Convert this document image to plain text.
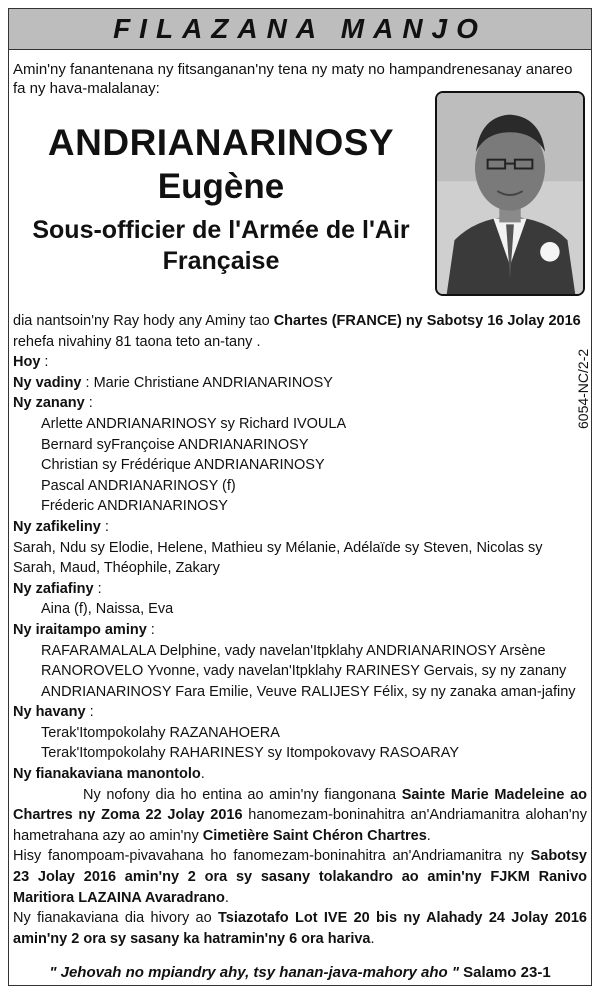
FILAZANA MANJO
Amin'ny fanantenana ny fitsanganan'ny tena ny maty no hampandrenesanay anareo fa ny hava-malalanay:
ANDRIANARINOSY
Eugène
Sous-officier de l'Armée de l'Air Française

dia nantsoin'ny Ray hody any Aminy tao Chartes (FRANCE) ny Sabotsy 16 Jolay 2016

rehefa nivahiny 81 taona teto an-tany .

Hoy :

Ny vadiny : Marie Christiane ANDRIANARINOSY

Ny zanany :

Arlette ANDRIANARINOSY sy Richard IVOULA

Bernard syFrançoise ANDRIANARINOSY

Christian sy Frédérique ANDRIANARINOSY

Pascal ANDRIANARINOSY (f)

Fréderic ANDRIANARINOSY

Ny zafikeliny :

Sarah, Ndu sy Elodie, Helene, Mathieu sy Mélanie, Adélaïde sy Steven, Nicolas sy Sarah, Maud, Théophile, Zakary

Ny zafiafiny :

Aina (f), Naissa, Eva

Ny iraitampo aminy :

RAFARAMALALA Delphine, vady navelan'Itpklahy ANDRIANARINOSY Arsène

RANOROVELO Yvonne, vady navelan'Itpklahy RARINESY Gervais, sy ny zanany

ANDRIANARINOSY Fara Emilie, Veuve RALIJESY Félix, sy ny zanaka aman-jafiny

Ny havany :

Terak'Itompokolahy RAZANAHOERA

Terak'Itompokolahy RAHARINESY sy Itompokovavy RASOARAY

Ny fianakaviana manontolo.

Ny nofony dia ho entina ao amin'ny fiangonana Sainte Marie Madeleine ao Chartres ny Zoma 22 Jolay 2016 hanomezam-boninahitra an'Andriamanitra alohan'ny hametrahana azy ao amin'ny Cimetière Saint Chéron Chartres.

Hisy fanompoam-pivavahana ho fanomezam-boninahitra an'Andriamanitra ny Sabotsy 23 Jolay 2016 amin'ny 2 ora sy sasany tolakandro ao amin'ny FJKM Ranivo Maritiora LAZAINA Avaradrano.

Ny fianakaviana dia hivory ao Tsiazotafo Lot IVE 20 bis ny Alahady 24 Jolay 2016 amin'ny 2 ora sy sasany ka hatramin'ny 6 ora hariva.

6054-NC/2-2
" Jehovah no mpiandry ahy, tsy hanan-java-mahory aho " Salamo 23-1
